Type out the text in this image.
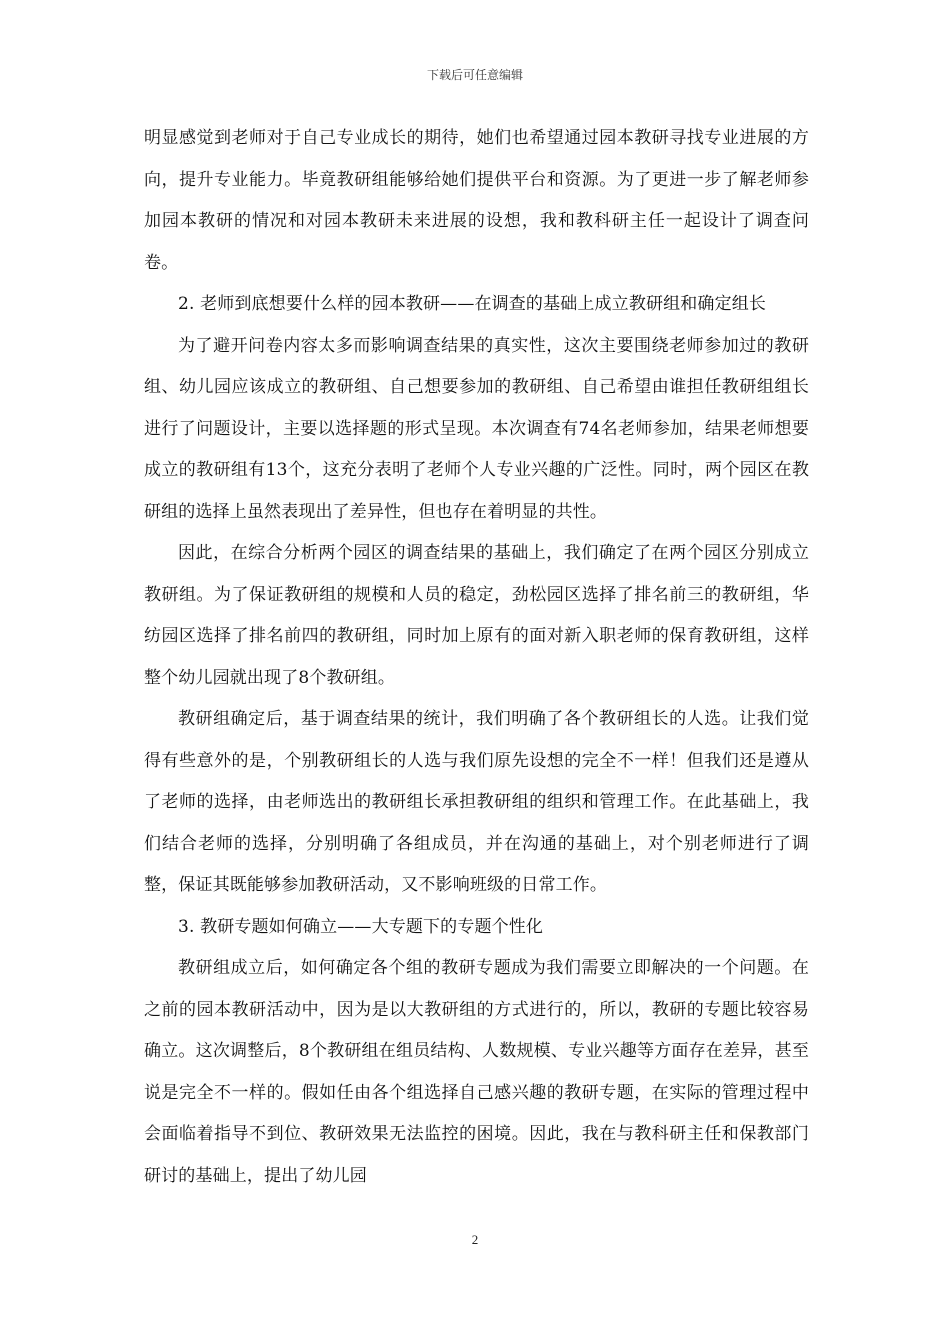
下载后可任意编辑

明显感觉到老师对于自己专业成长的期待，她们也希望通过园本教研寻找专业进展的方向，提升专业能力。毕竟教研组能够给她们提供平台和资源。为了更进一步了解老师参加园本教研的情况和对园本教研未来进展的设想，我和教科研主任一起设计了调查问卷。

2. 老师到底想要什么样的园本教研——在调查的基础上成立教研组和确定组长

为了避开问卷内容太多而影响调查结果的真实性，这次主要围绕老师参加过的教研组、幼儿园应该成立的教研组、自己想要参加的教研组、自己希望由谁担任教研组组长进行了问题设计，主要以选择题的形式呈现。本次调查有74名老师参加，结果老师想要成立的教研组有13个，这充分表明了老师个人专业兴趣的广泛性。同时，两个园区在教研组的选择上虽然表现出了差异性，但也存在着明显的共性。

因此，在综合分析两个园区的调查结果的基础上，我们确定了在两个园区分别成立教研组。为了保证教研组的规模和人员的稳定，劲松园区选择了排名前三的教研组，华纺园区选择了排名前四的教研组，同时加上原有的面对新入职老师的保育教研组，这样整个幼儿园就出现了8个教研组。

教研组确定后，基于调查结果的统计，我们明确了各个教研组长的人选。让我们觉得有些意外的是，个别教研组长的人选与我们原先设想的完全不一样！但我们还是遵从了老师的选择，由老师选出的教研组长承担教研组的组织和管理工作。在此基础上，我们结合老师的选择，分别明确了各组成员，并在沟通的基础上，对个别老师进行了调整，保证其既能够参加教研活动，又不影响班级的日常工作。

3. 教研专题如何确立——大专题下的专题个性化

教研组成立后，如何确定各个组的教研专题成为我们需要立即解决的一个问题。在之前的园本教研活动中，因为是以大教研组的方式进行的，所以，教研的专题比较容易确立。这次调整后，8个教研组在组员结构、人数规模、专业兴趣等方面存在差异，甚至说是完全不一样的。假如任由各个组选择自己感兴趣的教研专题，在实际的管理过程中会面临着指导不到位、教研效果无法监控的困境。因此，我在与教科研主任和保教部门研讨的基础上，提出了幼儿园

2
